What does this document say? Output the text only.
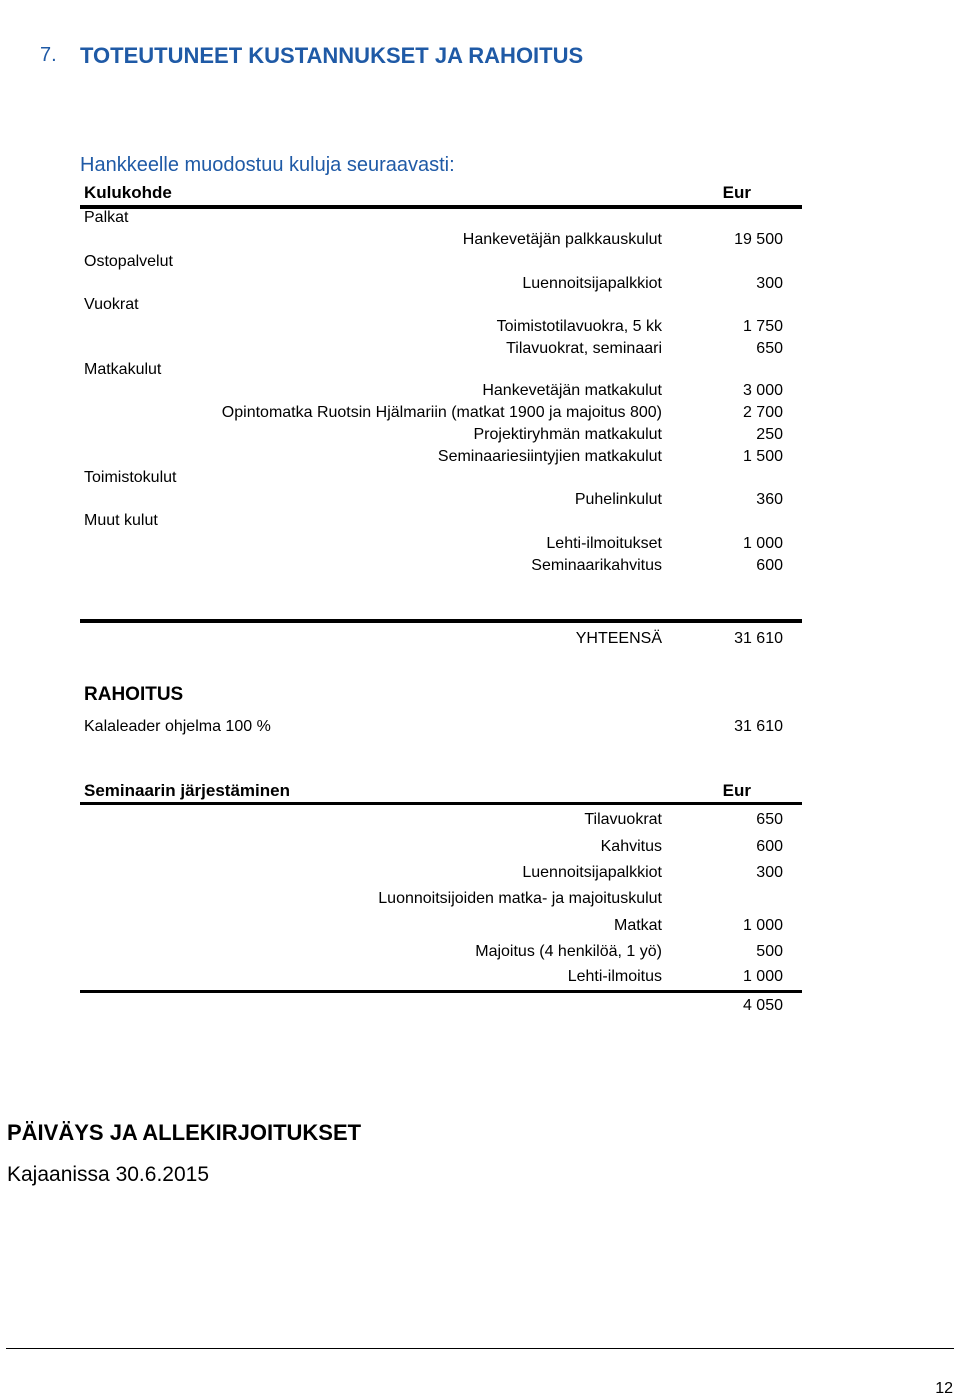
7. TOTEUTUNEET KUSTANNUKSET JA RAHOITUS
Hankkeelle muodostuu kuluja seuraavasti:
Kulukohde	Eur
Palkat
Hankevetäjän palkkauskulut	19 500
Ostopalvelut
Luennoitsijapalkkiot	300
Vuokrat
Toimistotilavuokra, 5 kk	1 750
Tilavuokrat, seminaari	650
Matkakulut
Hankevetäjän matkakulut	3 000
Opintomatka Ruotsin Hjälmariin (matkat 1900 ja majoitus 800)	2 700
Projektiryhmän matkakulut	250
Seminaariesiintyjien matkakulut	1 500
Toimistokulut
Puhelinkulut	360
Muut kulut
Lehti-ilmoitukset	1 000
Seminaarikahvitus	600
YHTEENSÄ	31 610
RAHOITUS
Kalaleader ohjelma 100 %	31 610
Seminaarin järjestäminen	Eur
Tilavuokrat	650
Kahvitus	600
Luennoitsijapalkkiot	300
Luonnoitsijoiden matka- ja majoituskulut
Matkat	1 000
Majoitus (4 henkilöä, 1 yö)	500
Lehti-ilmoitus	1 000
4 050
PÄIVÄYS JA ALLEKIRJOITUKSET
Kajaanissa 30.6.2015
12
